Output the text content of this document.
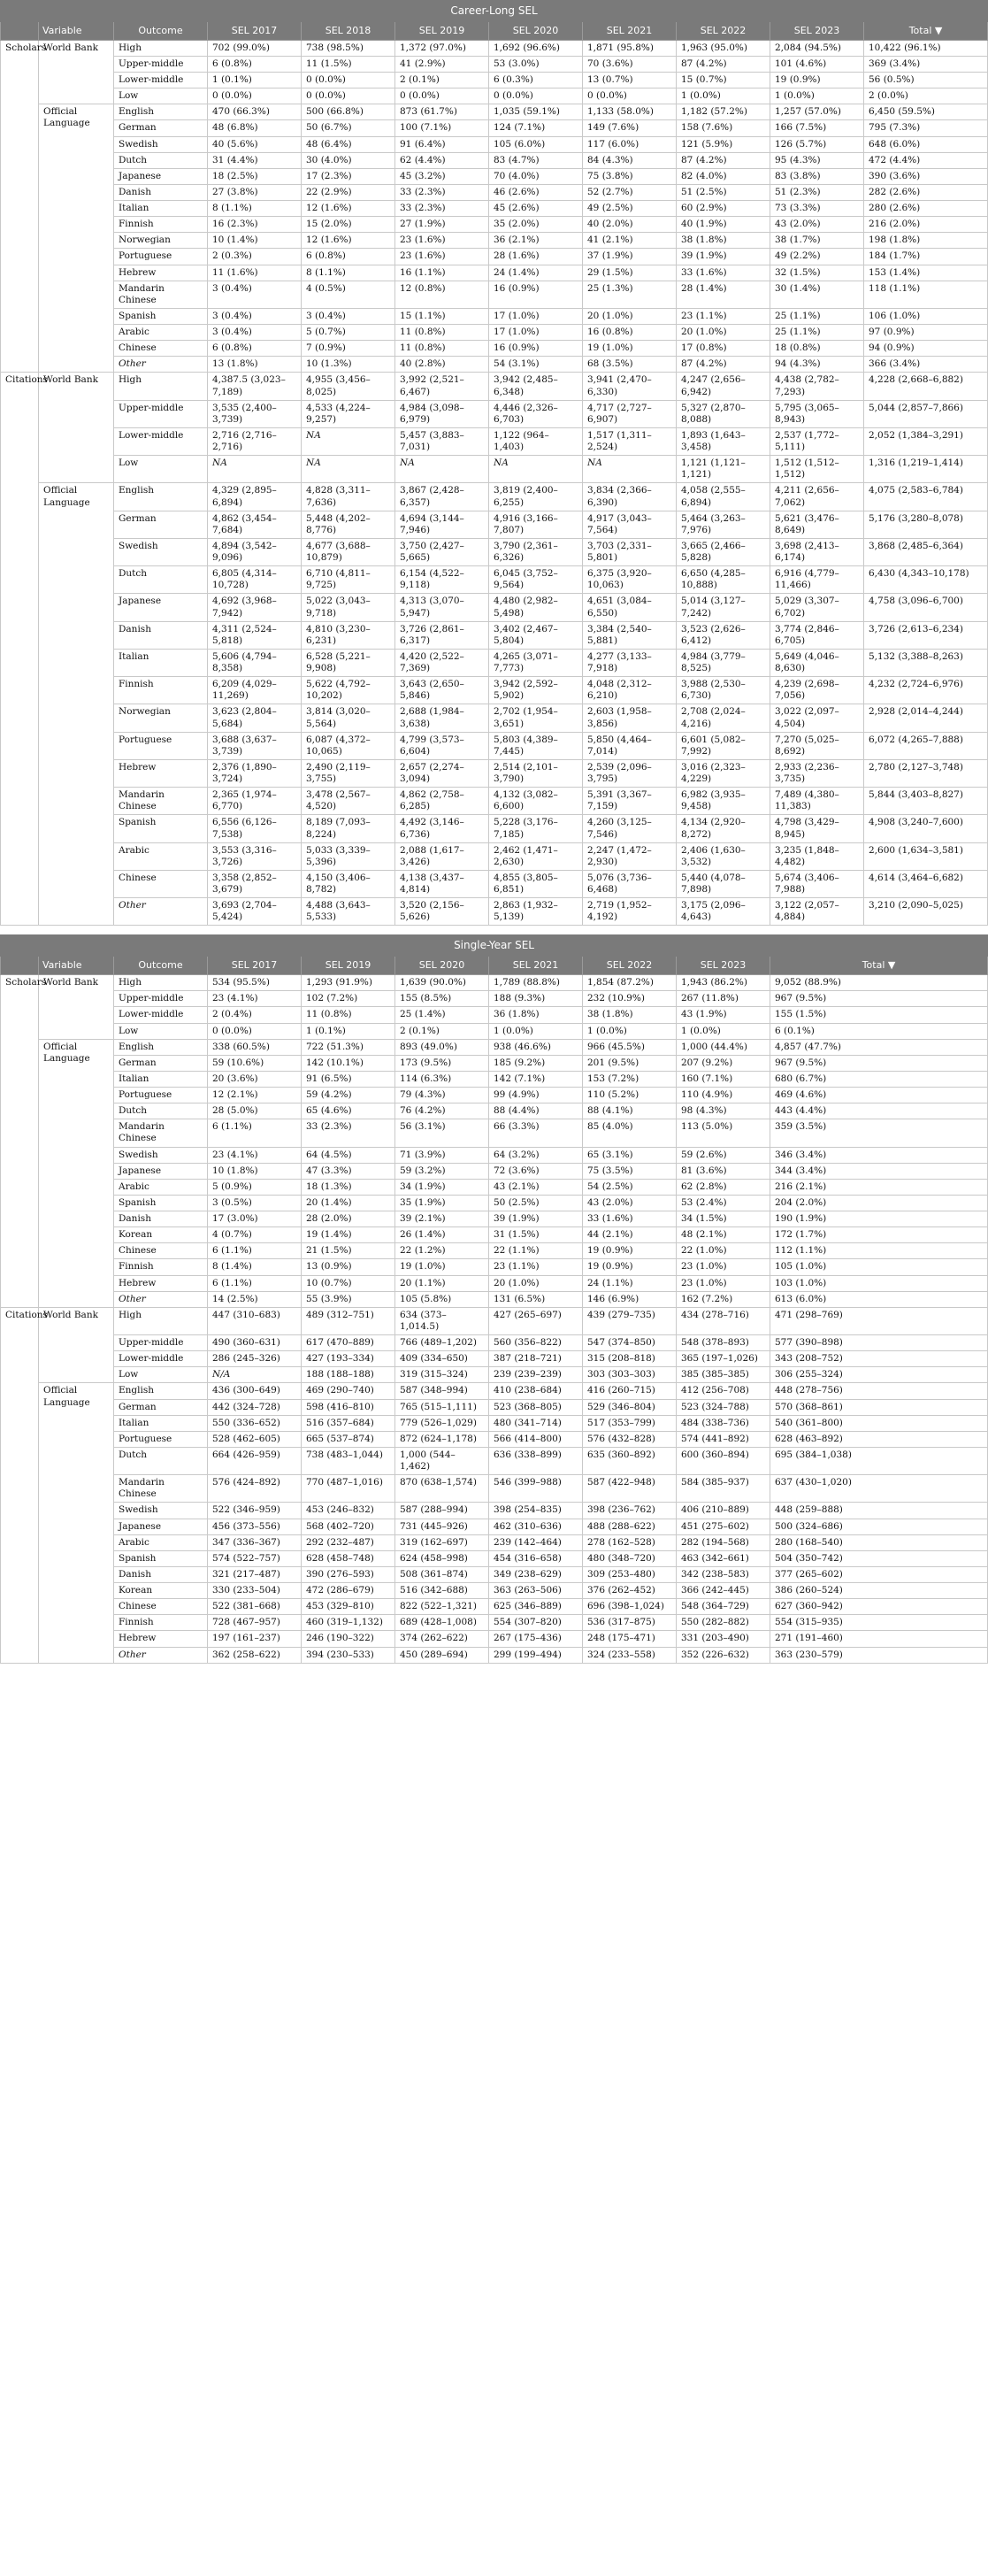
Career-Long SEL										
	Variable	Outcome	SEL 2017	SEL 2018	SEL 2019	SEL 2020	SEL 2021	SEL 2022	SEL 2023	Total ▼
Scholars	World Bank	High	702 (99.0%)	738 (98.5%)	1,372 (97.0%)	1,692 (96.6%)	1,871 (95.8%)	1,963 (95.0%)	2,084 (94.5%)	10,422 (96.1%)
		Upper-middle	6 (0.8%)	11 (1.5%)	41 (2.9%)	53 (3.0%)	70 (3.6%)	87 (4.2%)	101 (4.6%)	369 (3.4%)
		Lower-middle	1 (0.1%)	0 (0.0%)	2 (0.1%)	6 (0.3%)	13 (0.7%)	15 (0.7%)	19 (0.9%)	56 (0.5%)
		Low	0 (0.0%)	0 (0.0%)	0 (0.0%)	0 (0.0%)	0 (0.0%)	1 (0.0%)	1 (0.0%)	2 (0.0%)
	Official Language	English	470 (66.3%)	500 (66.8%)	873 (61.7%)	1,035 (59.1%)	1,133 (58.0%)	1,182 (57.2%)	1,257 (57.0%)	6,450 (59.5%)
		German	48 (6.8%)	50 (6.7%)	100 (7.1%)	124 (7.1%)	149 (7.6%)	158 (7.6%)	166 (7.5%)	795 (7.3%)
		Swedish	40 (5.6%)	48 (6.4%)	91 (6.4%)	105 (6.0%)	117 (6.0%)	121 (5.9%)	126 (5.7%)	648 (6.0%)
		Dutch	31 (4.4%)	30 (4.0%)	62 (4.4%)	83 (4.7%)	84 (4.3%)	87 (4.2%)	95 (4.3%)	472 (4.4%)
		Japanese	18 (2.5%)	17 (2.3%)	45 (3.2%)	70 (4.0%)	75 (3.8%)	82 (4.0%)	83 (3.8%)	390 (3.6%)
		Danish	27 (3.8%)	22 (2.9%)	33 (2.3%)	46 (2.6%)	52 (2.7%)	51 (2.5%)	51 (2.3%)	282 (2.6%)
		Italian	8 (1.1%)	12 (1.6%)	33 (2.3%)	45 (2.6%)	49 (2.5%)	60 (2.9%)	73 (3.3%)	280 (2.6%)
		Finnish	16 (2.3%)	15 (2.0%)	27 (1.9%)	35 (2.0%)	40 (2.0%)	40 (1.9%)	43 (2.0%)	216 (2.0%)
		Norwegian	10 (1.4%)	12 (1.6%)	23 (1.6%)	36 (2.1%)	41 (2.1%)	38 (1.8%)	38 (1.7%)	198 (1.8%)
		Portuguese	2 (0.3%)	6 (0.8%)	23 (1.6%)	28 (1.6%)	37 (1.9%)	39 (1.9%)	49 (2.2%)	184 (1.7%)
		Hebrew	11 (1.6%)	8 (1.1%)	16 (1.1%)	24 (1.4%)	29 (1.5%)	33 (1.6%)	32 (1.5%)	153 (1.4%)
		Mandarin Chinese	3 (0.4%)	4 (0.5%)	12 (0.8%)	16 (0.9%)	25 (1.3%)	28 (1.4%)	30 (1.4%)	118 (1.1%)
		Spanish	3 (0.4%)	3 (0.4%)	15 (1.1%)	17 (1.0%)	20 (1.0%)	23 (1.1%)	25 (1.1%)	106 (1.0%)
		Arabic	3 (0.4%)	5 (0.7%)	11 (0.8%)	17 (1.0%)	16 (0.8%)	20 (1.0%)	25 (1.1%)	97 (0.9%)
		Chinese	6 (0.8%)	7 (0.9%)	11 (0.8%)	16 (0.9%)	19 (1.0%)	17 (0.8%)	18 (0.8%)	94 (0.9%)
		Other	13 (1.8%)	10 (1.3%)	40 (2.8%)	54 (3.1%)	68 (3.5%)	87 (4.2%)	94 (4.3%)	366 (3.4%)
Citations	World Bank	High	4,387.5 (3,023–7,189)	4,955 (3,456–8,025)	3,992 (2,521–6,467)	3,942 (2,485–6,348)	3,941 (2,470–6,330)	4,247 (2,656–6,942)	4,438 (2,782–7,293)	4,228 (2,668–6,882)
		Upper-middle	3,535 (2,400–3,739)	4,533 (4,224–9,257)	4,984 (3,098–6,979)	4,446 (2,326–6,703)	4,717 (2,727–6,907)	5,327 (2,870–8,088)	5,795 (3,065–8,943)	5,044 (2,857–7,866)
		Lower-middle	2,716 (2,716–2,716)	NA	5,457 (3,883–7,031)	1,122 (964–1,403)	1,517 (1,311–2,524)	1,893 (1,643–3,458)	2,537 (1,772–5,111)	2,052 (1,384–3,291)
		Low	NA	NA	NA	NA	NA	1,121 (1,121–1,121)	1,512 (1,512–1,512)	1,316 (1,219–1,414)
	Official Language	English	4,329 (2,895–6,894)	4,828 (3,311–7,636)	3,867 (2,428–6,357)	3,819 (2,400–6,255)	3,834 (2,366–6,390)	4,058 (2,555–6,894)	4,211 (2,656–7,062)	4,075 (2,583–6,784)
		German	4,862 (3,454–7,684)	5,448 (4,202–8,776)	4,694 (3,144–7,946)	4,916 (3,166–7,807)	4,917 (3,043–7,564)	5,464 (3,263–7,976)	5,621 (3,476–8,649)	5,176 (3,280–8,078)
		Swedish	4,894 (3,542–9,096)	4,677 (3,688–10,879)	3,750 (2,427–5,665)	3,790 (2,361–6,326)	3,703 (2,331–5,801)	3,665 (2,466–5,828)	3,698 (2,413–6,174)	3,868 (2,485–6,364)
		Dutch	6,805 (4,314–10,728)	6,710 (4,811–9,725)	6,154 (4,522–9,118)	6,045 (3,752–9,564)	6,375 (3,920–10,063)	6,650 (4,285–10,888)	6,916 (4,779–11,466)	6,430 (4,343–10,178)
		Japanese	4,692 (3,968–7,942)	5,022 (3,043–9,718)	4,313 (3,070–5,947)	4,480 (2,982–5,498)	4,651 (3,084–6,550)	5,014 (3,127–7,242)	5,029 (3,307–6,702)	4,758 (3,096–6,700)
		Danish	4,311 (2,524–5,818)	4,810 (3,230–6,231)	3,726 (2,861–6,317)	3,402 (2,467–5,804)	3,384 (2,540–5,881)	3,523 (2,626–6,412)	3,774 (2,846–6,705)	3,726 (2,613–6,234)
		Italian	5,606 (4,794–8,358)	6,528 (5,221–9,908)	4,420 (2,522–7,369)	4,265 (3,071–7,773)	4,277 (3,133–7,918)	4,984 (3,779–8,525)	5,649 (4,046–8,630)	5,132 (3,388–8,263)
		Finnish	6,209 (4,029–11,269)	5,622 (4,792–10,202)	3,643 (2,650–5,846)	3,942 (2,592–5,902)	4,048 (2,312–6,210)	3,988 (2,530–6,730)	4,239 (2,698–7,056)	4,232 (2,724–6,976)
		Norwegian	3,623 (2,804–5,684)	3,814 (3,020–5,564)	2,688 (1,984–3,638)	2,702 (1,954–3,651)	2,603 (1,958–3,856)	2,708 (2,024–4,216)	3,022 (2,097–4,504)	2,928 (2,014–4,244)
		Portuguese	3,688 (3,637–3,739)	6,087 (4,372–10,065)	4,799 (3,573–6,604)	5,803 (4,389–7,445)	5,850 (4,464–7,014)	6,601 (5,082–7,992)	7,270 (5,025–8,692)	6,072 (4,265–7,888)
		Hebrew	2,376 (1,890–3,724)	2,490 (2,119–3,755)	2,657 (2,274–3,094)	2,514 (2,101–3,790)	2,539 (2,096–3,795)	3,016 (2,323–4,229)	2,933 (2,236–3,735)	2,780 (2,127–3,748)
		Mandarin Chinese	2,365 (1,974–6,770)	3,478 (2,567–4,520)	4,862 (2,758–6,285)	4,132 (3,082–6,600)	5,391 (3,367–7,159)	6,982 (3,935–9,458)	7,489 (4,380–11,383)	5,844 (3,403–8,827)
		Spanish	6,556 (6,126–7,538)	8,189 (7,093–8,224)	4,492 (3,146–6,736)	5,228 (3,176–7,185)	4,260 (3,125–7,546)	4,134 (2,920–8,272)	4,798 (3,429–8,945)	4,908 (3,240–7,600)
		Arabic	3,553 (3,316–3,726)	5,033 (3,339–5,396)	2,088 (1,617–3,426)	2,462 (1,471–2,630)	2,247 (1,472–2,930)	2,406 (1,630–3,532)	3,235 (1,848–4,482)	2,600 (1,634–3,581)
		Chinese	3,358 (2,852–3,679)	4,150 (3,406–8,782)	4,138 (3,437–4,814)	4,855 (3,805–6,851)	5,076 (3,736–6,468)	5,440 (4,078–7,898)	5,674 (3,406–7,988)	4,614 (3,464–6,682)
		Other	3,693 (2,704–5,424)	4,488 (3,643–5,533)	3,520 (2,156–5,626)	2,863 (1,932–5,139)	2,719 (1,952–4,192)	3,175 (2,096–4,643)	3,122 (2,057–4,884)	3,210 (2,090–5,025)
Single-Year SEL									
	Variable	Outcome	SEL 2017	SEL 2019	SEL 2020	SEL 2021	SEL 2022	SEL 2023	Total ▼
Scholars	World Bank	High	534 (95.5%)	1,293 (91.9%)	1,639 (90.0%)	1,789 (88.8%)	1,854 (87.2%)	1,943 (86.2%)	9,052 (88.9%)
		Upper-middle	23 (4.1%)	102 (7.2%)	155 (8.5%)	188 (9.3%)	232 (10.9%)	267 (11.8%)	967 (9.5%)
		Lower-middle	2 (0.4%)	11 (0.8%)	25 (1.4%)	36 (1.8%)	38 (1.8%)	43 (1.9%)	155 (1.5%)
		Low	0 (0.0%)	1 (0.1%)	2 (0.1%)	1 (0.0%)	1 (0.0%)	1 (0.0%)	6 (0.1%)
	Official Language	English	338 (60.5%)	722 (51.3%)	893 (49.0%)	938 (46.6%)	966 (45.5%)	1,000 (44.4%)	4,857 (47.7%)
		German	59 (10.6%)	142 (10.1%)	173 (9.5%)	185 (9.2%)	201 (9.5%)	207 (9.2%)	967 (9.5%)
		Italian	20 (3.6%)	91 (6.5%)	114 (6.3%)	142 (7.1%)	153 (7.2%)	160 (7.1%)	680 (6.7%)
		Portuguese	12 (2.1%)	59 (4.2%)	79 (4.3%)	99 (4.9%)	110 (5.2%)	110 (4.9%)	469 (4.6%)
		Dutch	28 (5.0%)	65 (4.6%)	76 (4.2%)	88 (4.4%)	88 (4.1%)	98 (4.3%)	443 (4.4%)
		Mandarin Chinese	6 (1.1%)	33 (2.3%)	56 (3.1%)	66 (3.3%)	85 (4.0%)	113 (5.0%)	359 (3.5%)
		Swedish	23 (4.1%)	64 (4.5%)	71 (3.9%)	64 (3.2%)	65 (3.1%)	59 (2.6%)	346 (3.4%)
		Japanese	10 (1.8%)	47 (3.3%)	59 (3.2%)	72 (3.6%)	75 (3.5%)	81 (3.6%)	344 (3.4%)
		Arabic	5 (0.9%)	18 (1.3%)	34 (1.9%)	43 (2.1%)	54 (2.5%)	62 (2.8%)	216 (2.1%)
		Spanish	3 (0.5%)	20 (1.4%)	35 (1.9%)	50 (2.5%)	43 (2.0%)	53 (2.4%)	204 (2.0%)
		Danish	17 (3.0%)	28 (2.0%)	39 (2.1%)	39 (1.9%)	33 (1.6%)	34 (1.5%)	190 (1.9%)
		Korean	4 (0.7%)	19 (1.4%)	26 (1.4%)	31 (1.5%)	44 (2.1%)	48 (2.1%)	172 (1.7%)
		Chinese	6 (1.1%)	21 (1.5%)	22 (1.2%)	22 (1.1%)	19 (0.9%)	22 (1.0%)	112 (1.1%)
		Finnish	8 (1.4%)	13 (0.9%)	19 (1.0%)	23 (1.1%)	19 (0.9%)	23 (1.0%)	105 (1.0%)
		Hebrew	6 (1.1%)	10 (0.7%)	20 (1.1%)	20 (1.0%)	24 (1.1%)	23 (1.0%)	103 (1.0%)
		Other	14 (2.5%)	55 (3.9%)	105 (5.8%)	131 (6.5%)	146 (6.9%)	162 (7.2%)	613 (6.0%)
Citations	World Bank	High	447 (310–683)	489 (312–751)	634 (373–1,014.5)	427 (265–697)	439 (279–735)	434 (278–716)	471 (298–769)
		Upper-middle	490 (360–631)	617 (470–889)	766 (489–1,202)	560 (356–822)	547 (374–850)	548 (378–893)	577 (390–898)
		Lower-middle	286 (245–326)	427 (193–334)	409 (334–650)	387 (218–721)	315 (208–818)	365 (197–1,026)	343 (208–752)
		Low	N/A	188 (188–188)	319 (315–324)	239 (239–239)	303 (303–303)	385 (385–385)	306 (255–324)
	Official Language	English	436 (300–649)	469 (290–740)	587 (348–994)	410 (238–684)	416 (260–715)	412 (256–708)	448 (278–756)
		German	442 (324–728)	598 (416–810)	765 (515–1,111)	523 (368–805)	529 (346–804)	523 (324–788)	570 (368–861)
		Italian	550 (336–652)	516 (357–684)	779 (526–1,029)	480 (341–714)	517 (353–799)	484 (338–736)	540 (361–800)
		Portuguese	528 (462–605)	665 (537–874)	872 (624–1,178)	566 (414–800)	576 (432–828)	574 (441–892)	628 (463–892)
		Dutch	664 (426–959)	738 (483–1,044)	1,000 (544–1,462)	636 (338–899)	635 (360–892)	600 (360–894)	695 (384–1,038)
		Mandarin Chinese	576 (424–892)	770 (487–1,016)	870 (638–1,574)	546 (399–988)	587 (422–948)	584 (385–937)	637 (430–1,020)
		Swedish	522 (346–959)	453 (246–832)	587 (288–994)	398 (254–835)	398 (236–762)	406 (210–889)	448 (259–888)
		Japanese	456 (373–556)	568 (402–720)	731 (445–926)	462 (310–636)	488 (288–622)	451 (275–602)	500 (324–686)
		Arabic	347 (336–367)	292 (232–487)	319 (162–697)	239 (142–464)	278 (162–528)	282 (194–568)	280 (168–540)
		Spanish	574 (522–757)	628 (458–748)	624 (458–998)	454 (316–658)	480 (348–720)	463 (342–661)	504 (350–742)
		Danish	321 (217–487)	390 (276–593)	508 (361–874)	349 (238–629)	309 (253–480)	342 (238–583)	377 (265–602)
		Korean	330 (233–504)	472 (286–679)	516 (342–688)	363 (263–506)	376 (262–452)	366 (242–445)	386 (260–524)
		Chinese	522 (381–668)	453 (329–810)	822 (522–1,321)	625 (346–889)	696 (398–1,024)	548 (364–729)	627 (360–942)
		Finnish	728 (467–957)	460 (319–1,132)	689 (428–1,008)	554 (307–820)	536 (317–875)	550 (282–882)	554 (315–935)
		Hebrew	197 (161–237)	246 (190–322)	374 (262–622)	267 (175–436)	248 (175–471)	331 (203–490)	271 (191–460)
		Other	362 (258–622)	394 (230–533)	450 (289–694)	299 (199–494)	324 (233–558)	352 (226–632)	363 (230–579)
